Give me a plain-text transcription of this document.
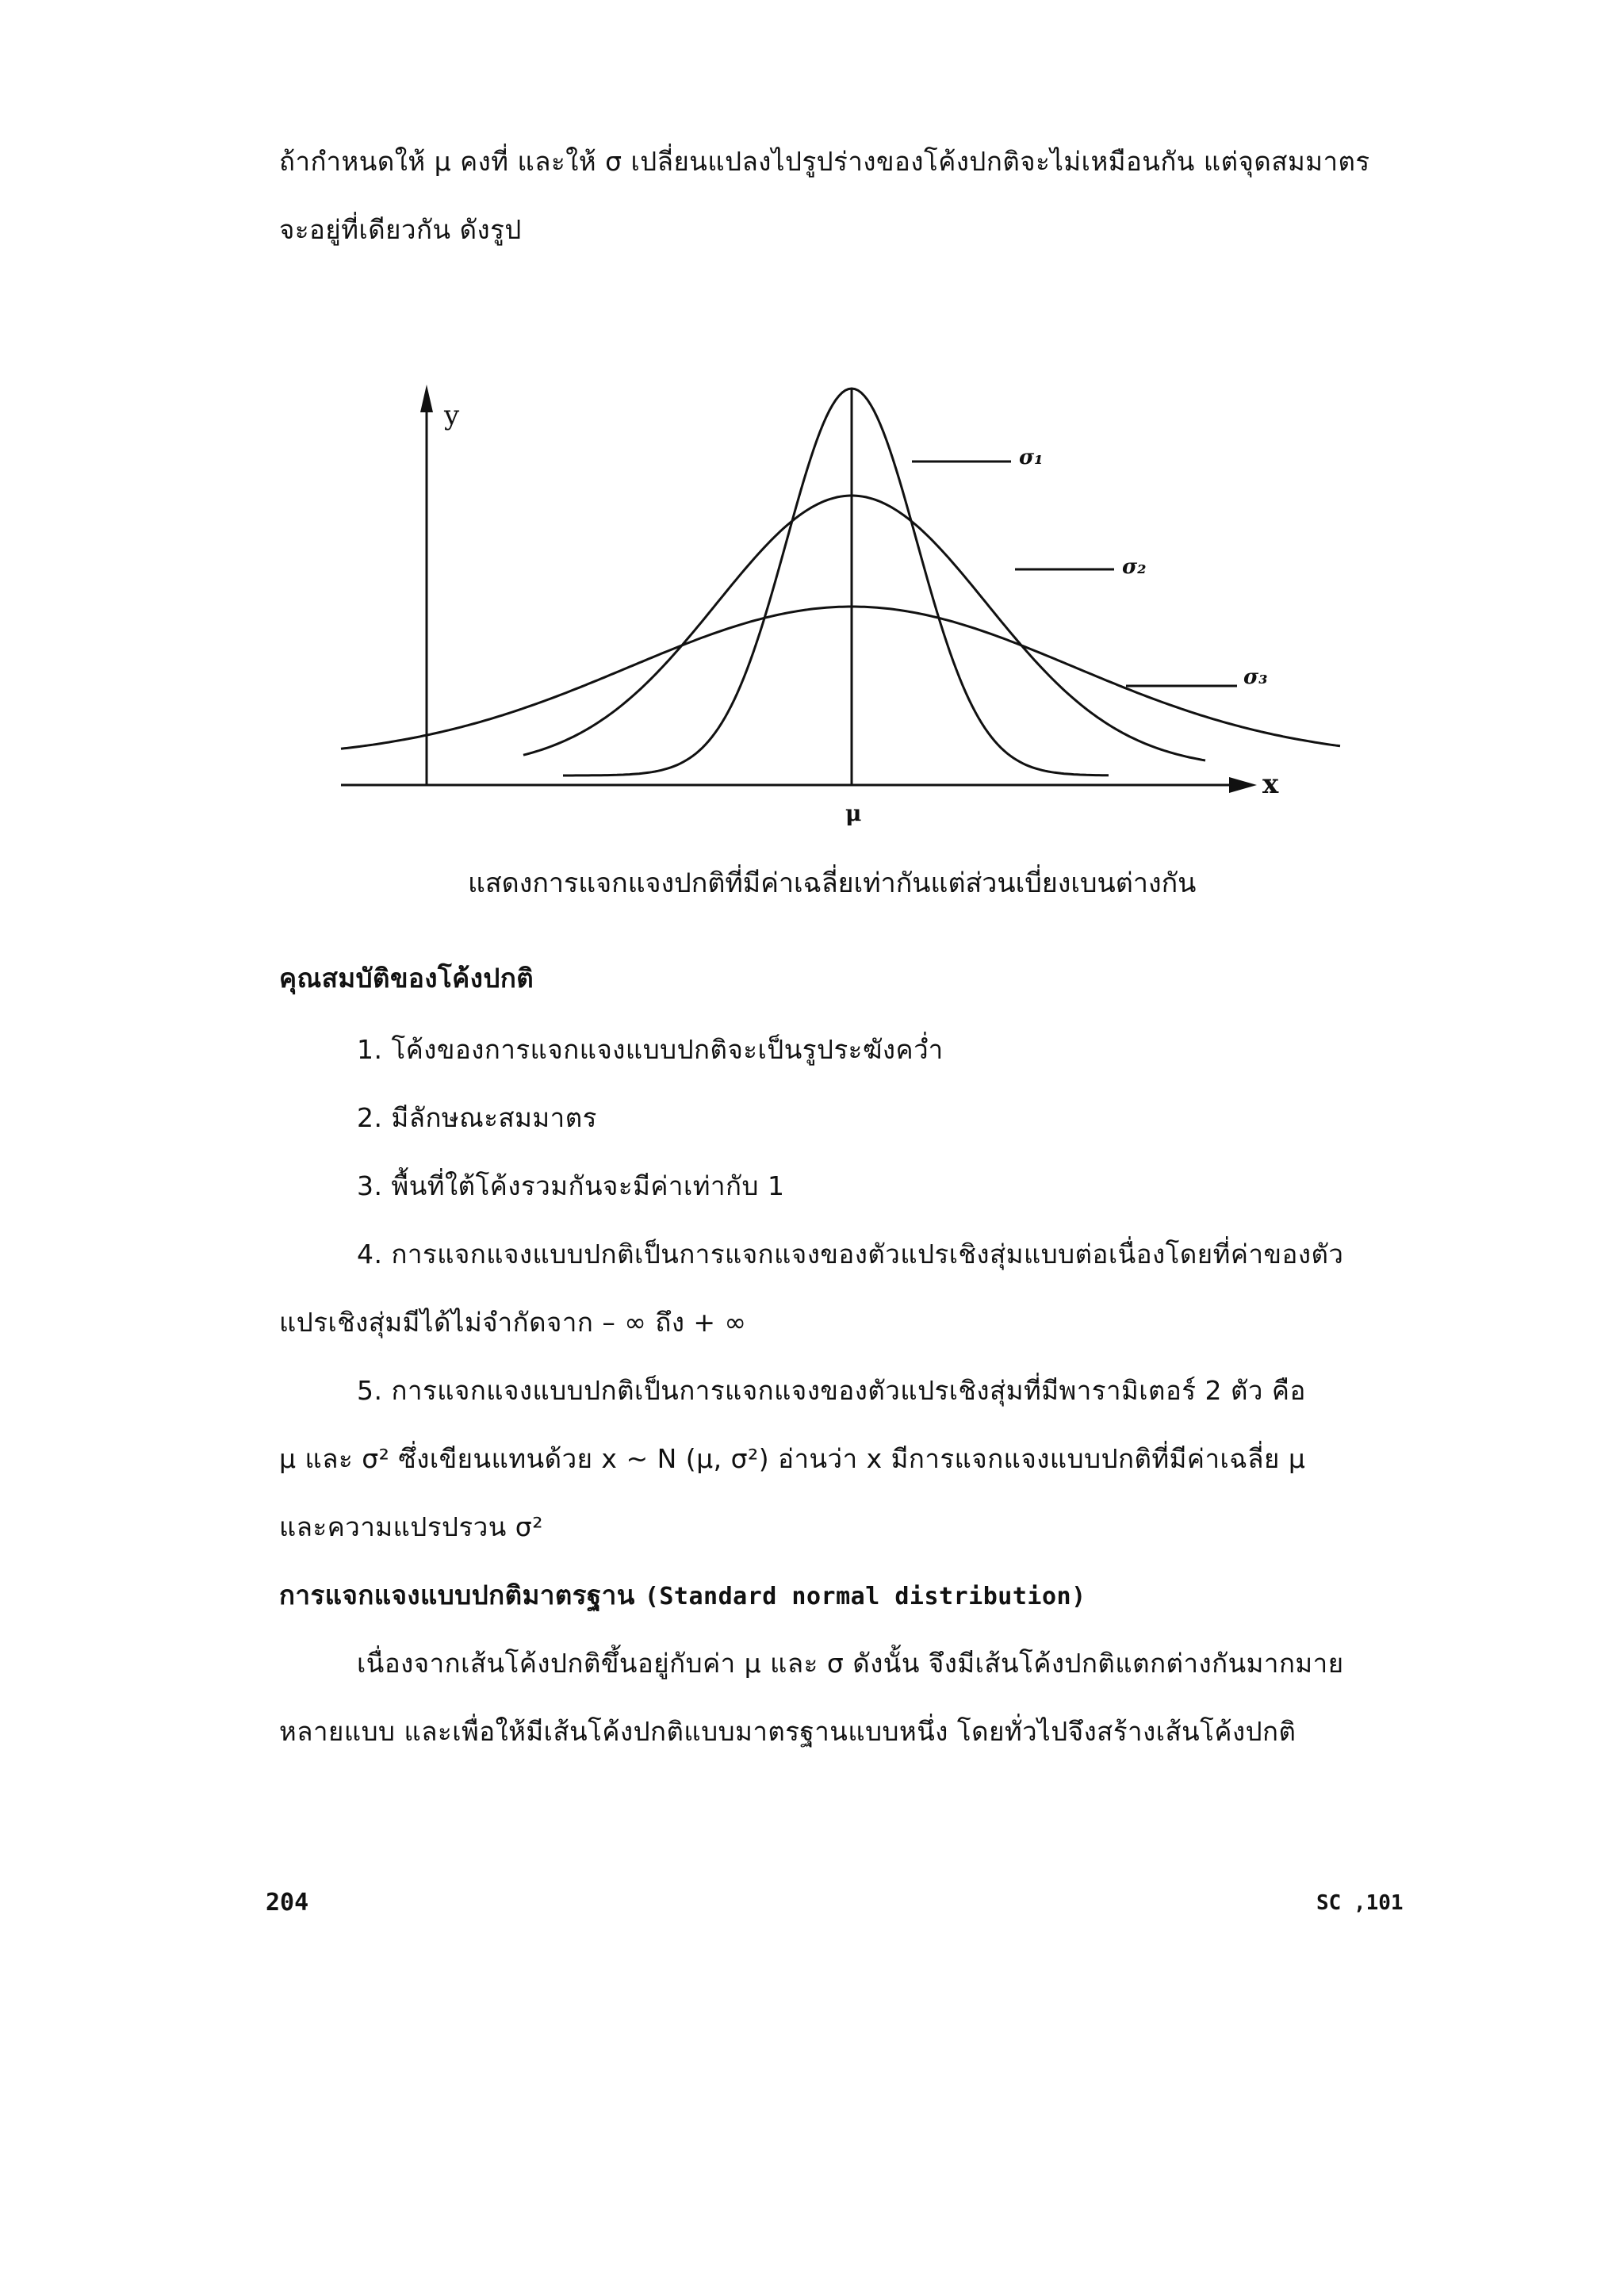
ถ้ากำหนดให้ μ คงที่ และให้ σ เปลี่ยนแปลงไปรูปร่างของโค้งปกติจะไม่เหมือนกัน แต่จุดสมมาตร
จะอยู่ที่เดียวกัน ดังรูป
y
x
μ
σ₁
σ₂
σ₃
แสดงการแจกแจงปกติที่มีค่าเฉลี่ยเท่ากันแต่ส่วนเบี่ยงเบนต่างกัน
คุณสมบัติของโค้งปกติ
1. โค้งของการแจกแจงแบบปกติจะเป็นรูประฆังคว่ำ
2. มีลักษณะสมมาตร
3. พื้นที่ใต้โค้งรวมกันจะมีค่าเท่ากับ 1
4. การแจกแจงแบบปกติเป็นการแจกแจงของตัวแปรเชิงสุ่มแบบต่อเนื่องโดยที่ค่าของตัว
แปรเชิงสุ่มมีได้ไม่จำกัดจาก – ∞ ถึง + ∞
5. การแจกแจงแบบปกติเป็นการแจกแจงของตัวแปรเชิงสุ่มที่มีพารามิเตอร์ 2 ตัว คือ
μ และ σ² ซึ่งเขียนแทนด้วย x ~ N (μ, σ²) อ่านว่า x มีการแจกแจงแบบปกติที่มีค่าเฉลี่ย μ
และความแปรปรวน σ²
การแจกแจงแบบปกติมาตรฐาน (Standard normal distribution)
เนื่องจากเส้นโค้งปกติขึ้นอยู่กับค่า μ และ σ ดังนั้น จึงมีเส้นโค้งปกติแตกต่างกันมากมาย
หลายแบบ และเพื่อให้มีเส้นโค้งปกติแบบมาตรฐานแบบหนึ่ง โดยทั่วไปจึงสร้างเส้นโค้งปกติ
204	SC ,101
